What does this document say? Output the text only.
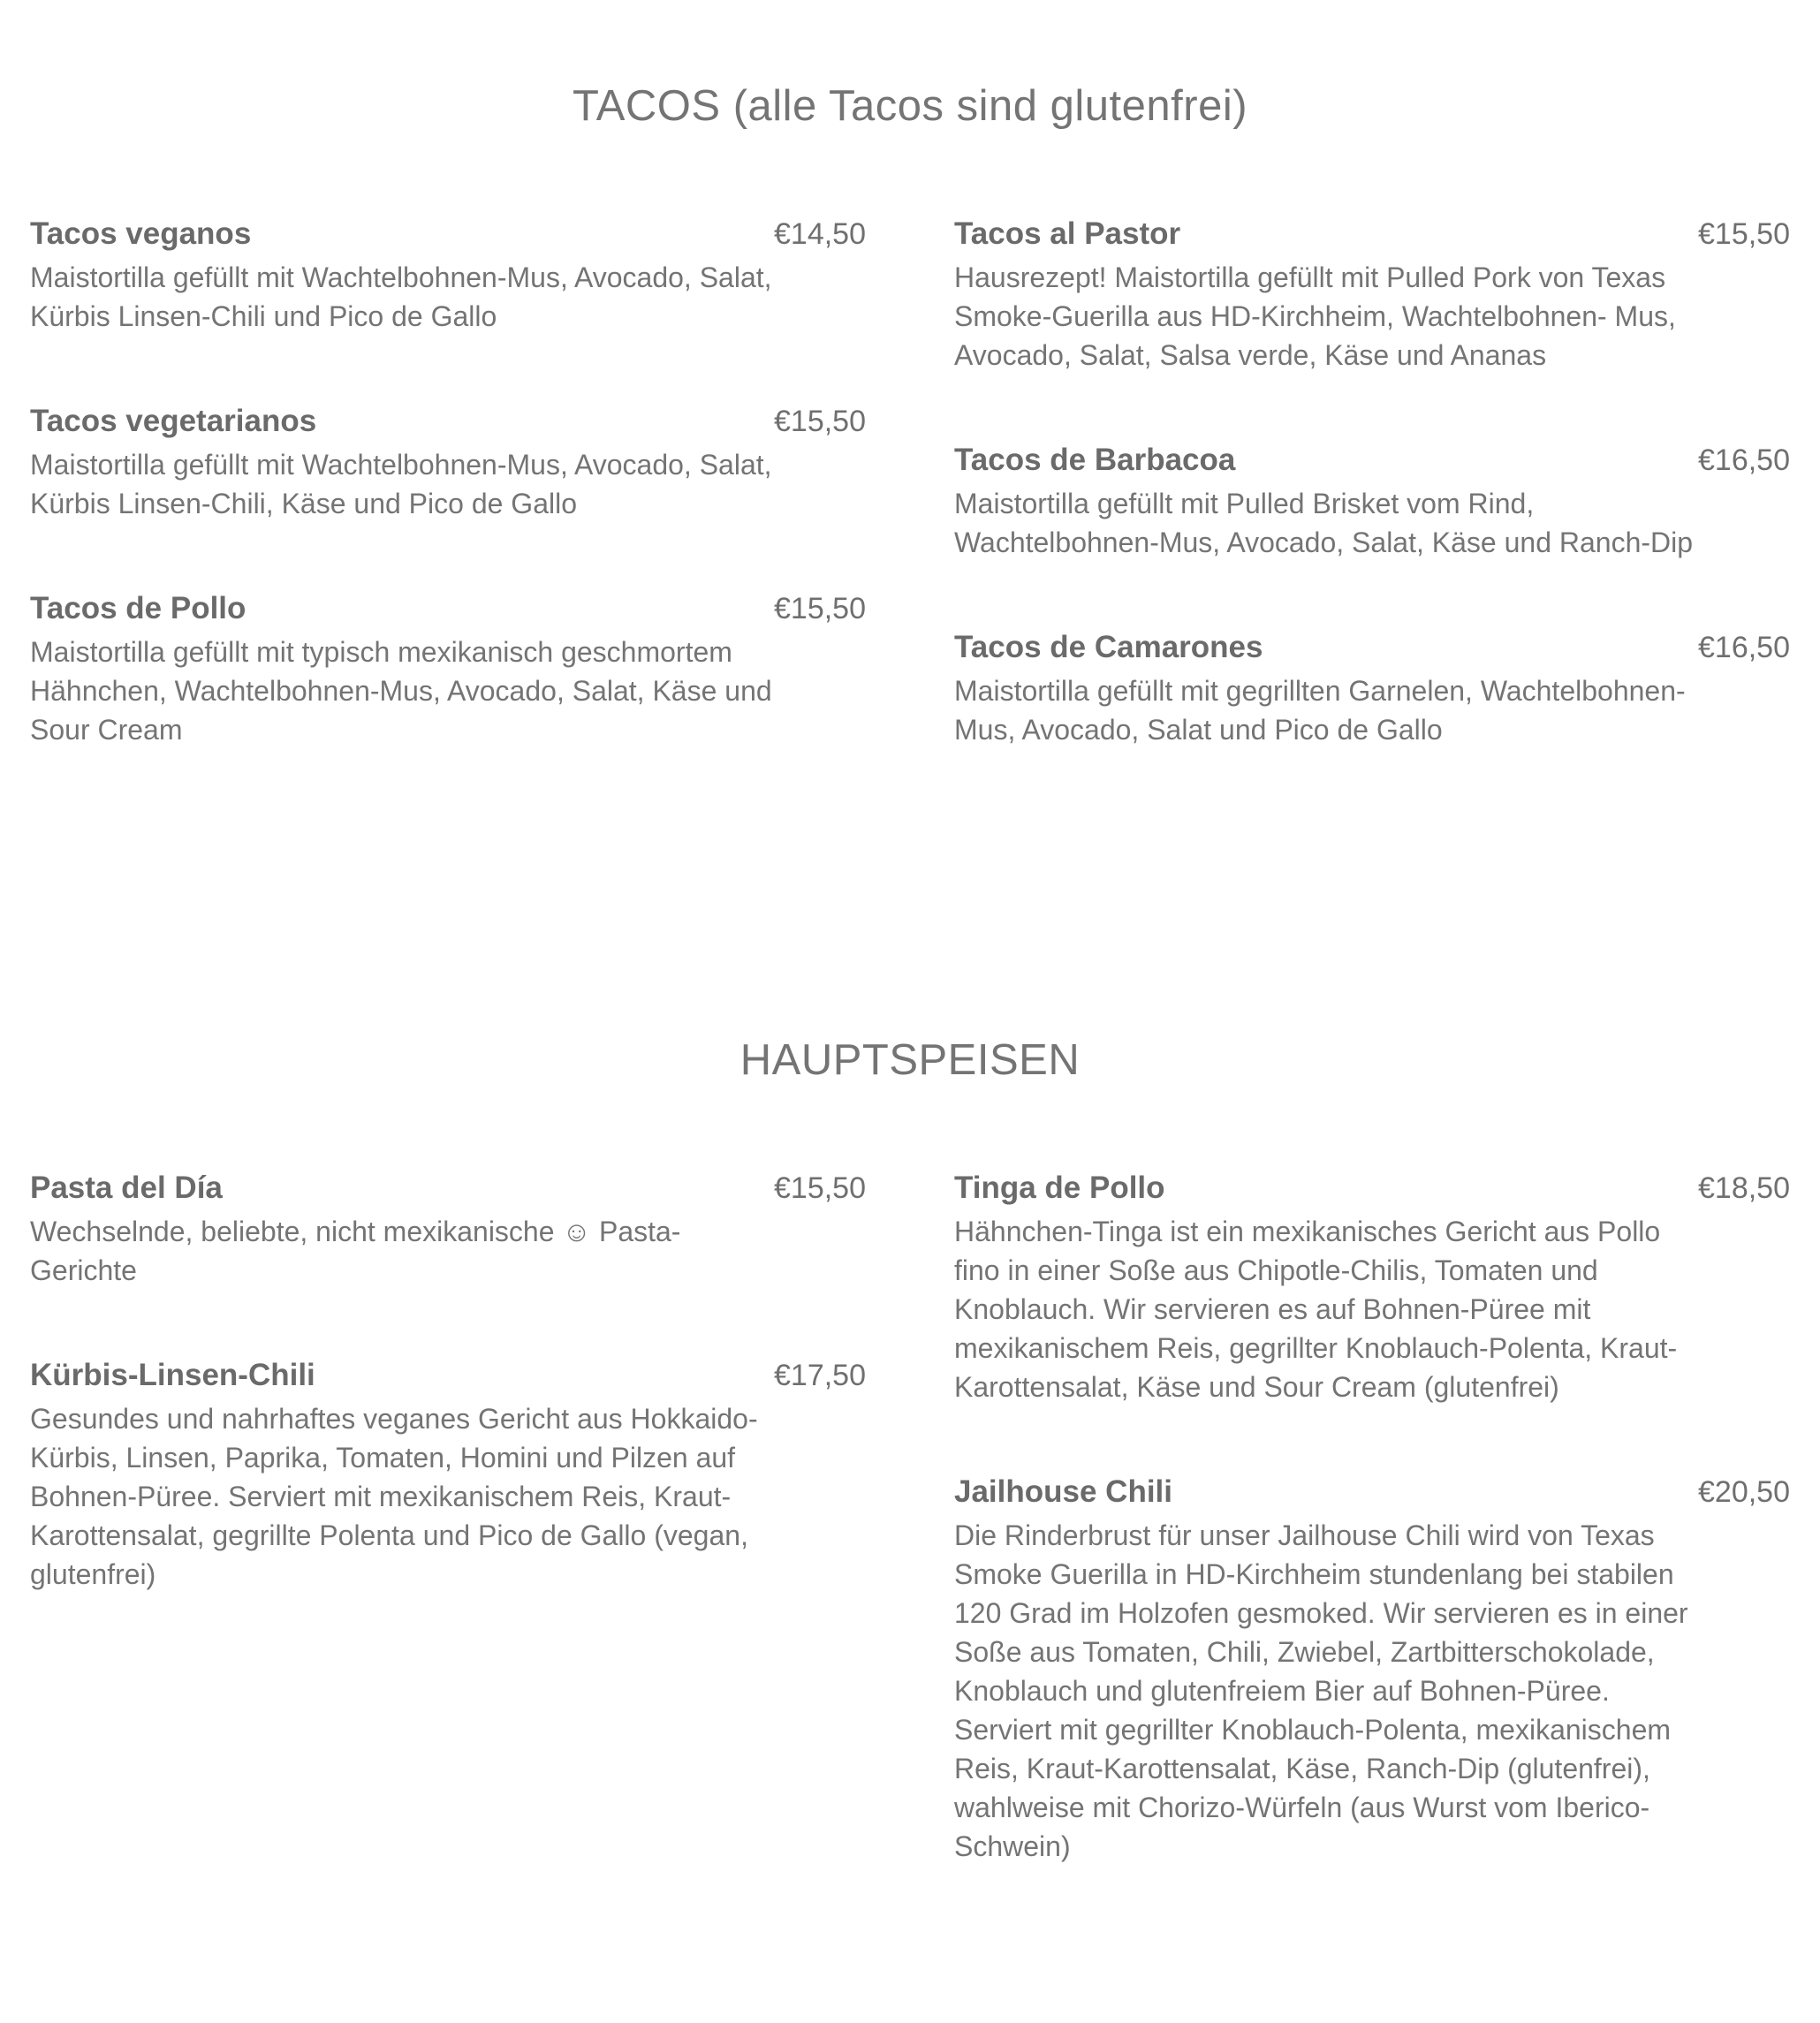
TACOS (alle Tacos sind glutenfrei)
Tacos veganos	€14,50
Maistortilla gefüllt mit Wachtelbohnen-Mus, Avocado, Salat, Kürbis Linsen-Chili und Pico de Gallo
Tacos vegetarianos	€15,50
Maistortilla gefüllt mit Wachtelbohnen-Mus, Avocado, Salat, Kürbis Linsen-Chili, Käse und Pico de Gallo
Tacos de Pollo	€15,50
Maistortilla gefüllt mit typisch mexikanisch geschmortem Hähnchen, Wachtelbohnen-Mus, Avocado, Salat, Käse und Sour Cream
Tacos al Pastor	€15,50
Hausrezept! Maistortilla gefüllt mit Pulled Pork von Texas Smoke-Guerilla aus HD-Kirchheim, Wachtelbohnen- Mus, Avocado, Salat, Salsa verde, Käse und Ananas
Tacos de Barbacoa	€16,50
Maistortilla gefüllt mit Pulled Brisket vom Rind, Wachtelbohnen-Mus, Avocado, Salat, Käse und Ranch-Dip
Tacos de Camarones	€16,50
Maistortilla gefüllt mit gegrillten Garnelen, Wachtelbohnen-Mus, Avocado, Salat und Pico de Gallo
HAUPTSPEISEN
Pasta del Día	€15,50
Wechselnde, beliebte, nicht mexikanische ☺ Pasta-Gerichte
Kürbis-Linsen-Chili	€17,50
Gesundes und nahrhaftes veganes Gericht aus Hokkaido-Kürbis, Linsen, Paprika, Tomaten, Homini und Pilzen auf Bohnen-Püree. Serviert mit mexikanischem Reis, Kraut-Karottensalat, gegrillte Polenta und Pico de Gallo (vegan, glutenfrei)
Tinga de Pollo	€18,50
Hähnchen-Tinga ist ein mexikanisches Gericht aus Pollo fino in einer Soße aus Chipotle-Chilis, Tomaten und Knoblauch. Wir servieren es auf Bohnen-Püree mit mexikanischem Reis, gegrillter Knoblauch-Polenta, Kraut-Karottensalat, Käse und Sour Cream (glutenfrei)
Jailhouse Chili	€20,50
Die Rinderbrust für unser Jailhouse Chili wird von Texas Smoke Guerilla in HD-Kirchheim stundenlang bei stabilen 120 Grad im Holzofen gesmoked. Wir servieren es in einer Soße aus Tomaten, Chili, Zwiebel, Zartbitterschokolade, Knoblauch und glutenfreiem Bier auf Bohnen-Püree. Serviert mit gegrillter Knoblauch-Polenta, mexikanischem Reis, Kraut-Karottensalat, Käse, Ranch-Dip (glutenfrei), wahlweise mit Chorizo-Würfeln (aus Wurst vom Iberico-Schwein)
